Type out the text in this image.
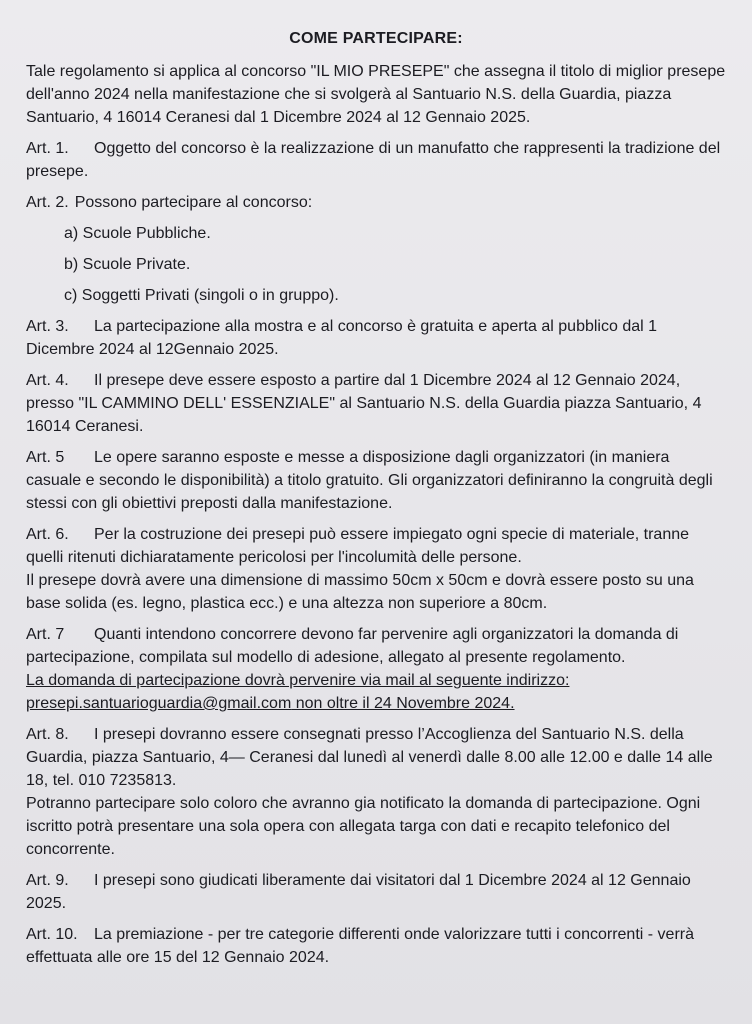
COME PARTECIPARE:

Tale regolamento si applica al concorso "IL MIO PRESEPE" che assegna il titolo di miglior presepe dell'anno 2024 nella manifestazione che si svolgerà al Santuario N.S. della Guardia, piazza Santuario, 4 16014 Ceranesi dal 1 Dicembre 2024 al 12 Gennaio 2025.

Art. 1. Oggetto del concorso è la realizzazione di un manufatto che rappresenti la tradizione del presepe.

Art. 2. Possono partecipare al concorso:

a) Scuole Pubbliche.
b) Scuole Private.
c) Soggetti Privati (singoli o in gruppo).

Art. 3. La partecipazione alla mostra e al concorso è gratuita e aperta al pubblico dal 1 Dicembre 2024 al 12Gennaio 2025.

Art. 4. Il presepe deve essere esposto a partire dal 1 Dicembre 2024 al 12 Gennaio 2024, presso "IL CAMMINO DELL' ESSENZIALE" al Santuario N.S. della Guardia piazza Santuario, 4 16014 Ceranesi.

Art. 5 Le opere saranno esposte e messe a disposizione dagli organizzatori (in maniera casuale e secondo le disponibilità) a titolo gratuito. Gli organizzatori definiranno la congruità degli stessi con gli obiettivi preposti dalla manifestazione.

Art. 6. Per la costruzione dei presepi può essere impiegato ogni specie di materiale, tranne quelli ritenuti dichiaratamente pericolosi per l'incolumità delle persone.
Il presepe dovrà avere una dimensione di massimo 50cm x 50cm e dovrà essere posto su una base solida (es. legno, plastica ecc.) e una altezza non superiore a 80cm.

Art. 7 Quanti intendono concorrere devono far pervenire agli organizzatori la domanda di partecipazione, compilata sul modello di adesione, allegato al presente regolamento.
La domanda di partecipazione dovrà pervenire via mail al seguente indirizzo:
presepi.santuarioguardia@gmail.com non oltre il 24 Novembre 2024.

Art. 8. I presepi dovranno essere consegnati presso l’Accoglienza del Santuario N.S. della Guardia, piazza Santuario, 4— Ceranesi dal lunedì al venerdì dalle 8.00 alle 12.00 e dalle 14 alle 18, tel. 010 7235813.
Potranno partecipare solo coloro che avranno gia notificato la domanda di partecipazione. Ogni iscritto potrà presentare una sola opera con allegata targa con dati e recapito telefonico del concorrente.

Art. 9. I presepi sono giudicati liberamente dai visitatori dal 1 Dicembre 2024 al 12 Gennaio 2025.

Art. 10. La premiazione - per tre categorie differenti onde valorizzare tutti i concorrenti - verrà effettuata alle ore 15 del 12 Gennaio 2024.
